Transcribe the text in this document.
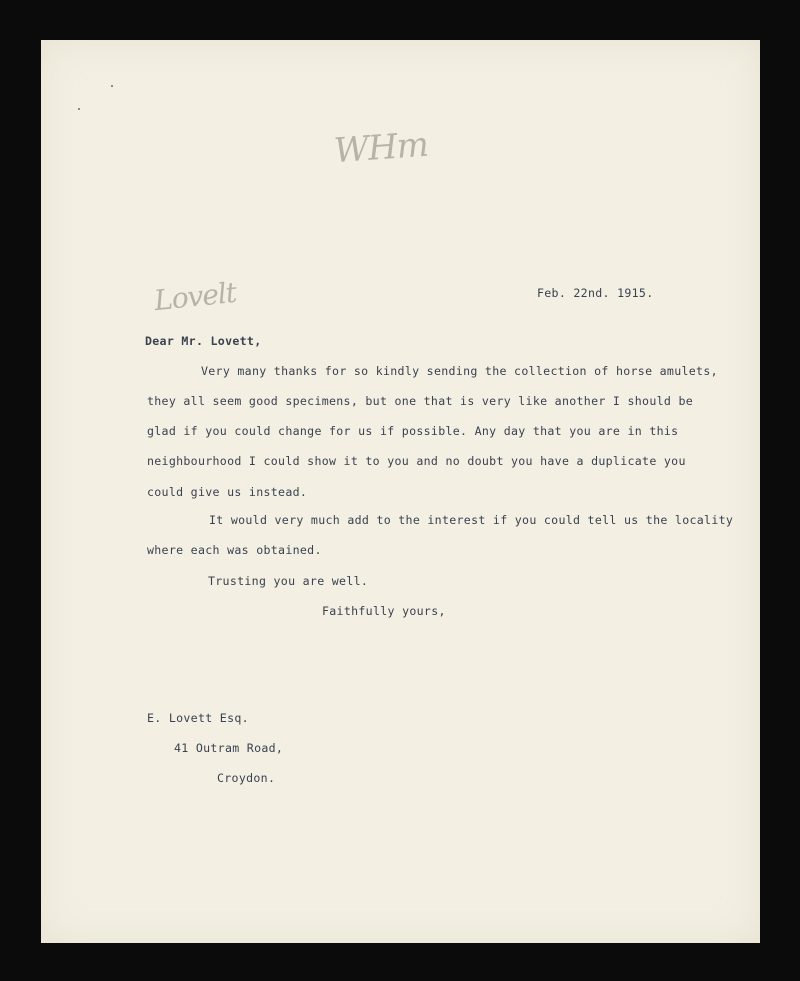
WHm
Lovelt	Feb. 22nd. 1915.
Dear Mr. Lovett,
Very many thanks for so kindly sending the collection of horse amulets,
they all seem good specimens, but one that is very like another I should be
glad if you could change for us if possible. Any day that you are in this
neighbourhood I could show it to you and no doubt you have a duplicate you
could give us instead.
It would very much add to the interest if you could tell us the locality
where each was obtained.
Trusting you are well.
Faithfully yours,
E. Lovett Esq.
41 Outram Road,
Croydon.
